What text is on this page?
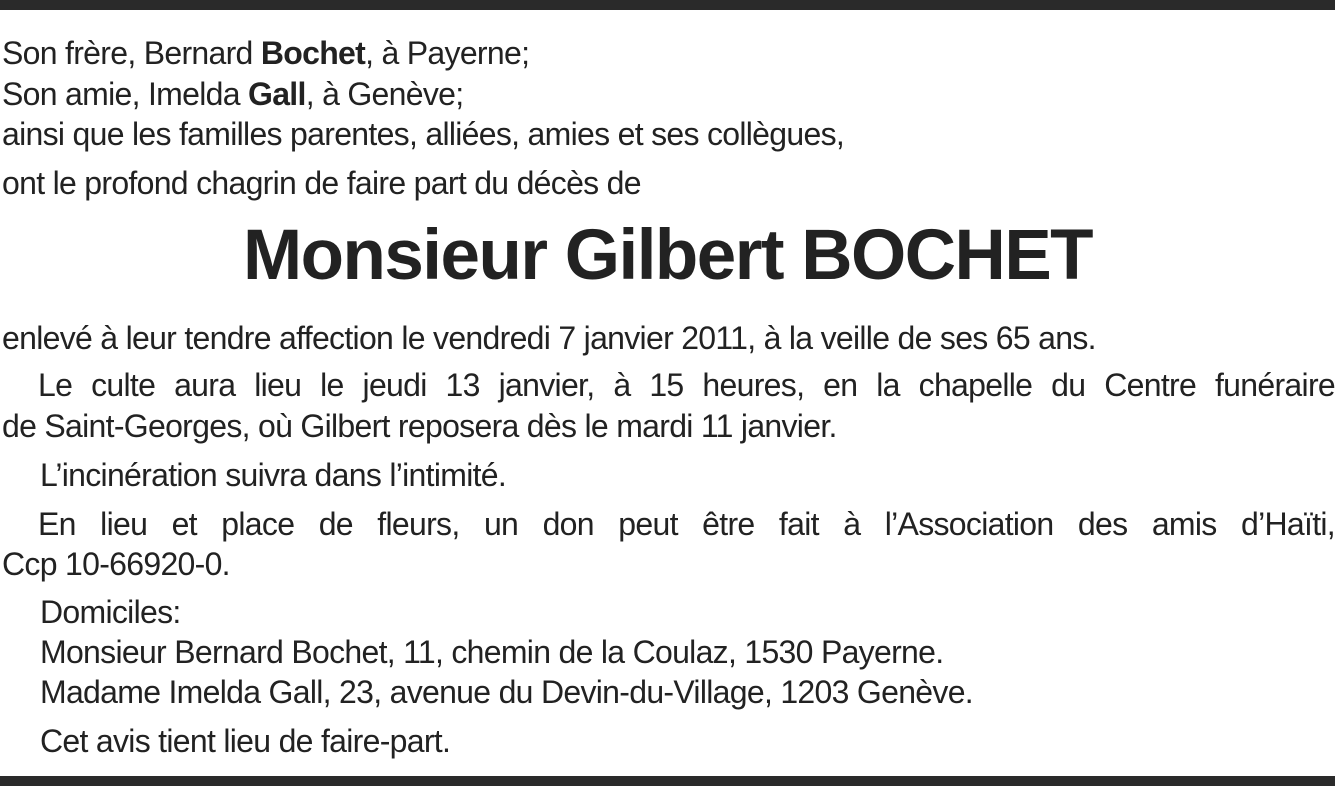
Son frère, Bernard Bochet, à Payerne;
Son amie, Imelda Gall, à Genève;
ainsi que les familles parentes, alliées, amies et ses collègues,
ont le profond chagrin de faire part du décès de
Monsieur Gilbert BOCHET
enlevé à leur tendre affection le vendredi 7 janvier 2011, à la veille de ses 65 ans.
Le culte aura lieu le jeudi 13 janvier, à 15 heures, en la chapelle du Centre funéraire
de Saint-Georges, où Gilbert reposera dès le mardi 11 janvier.
L’incinération suivra dans l’intimité.
En lieu et place de fleurs, un don peut être fait à l’Association des amis d’Haïti,
Ccp 10-66920-0.
Domiciles:
Monsieur Bernard Bochet, 11, chemin de la Coulaz, 1530 Payerne.
Madame Imelda Gall, 23, avenue du Devin-du-Village, 1203 Genève.
Cet avis tient lieu de faire-part.
